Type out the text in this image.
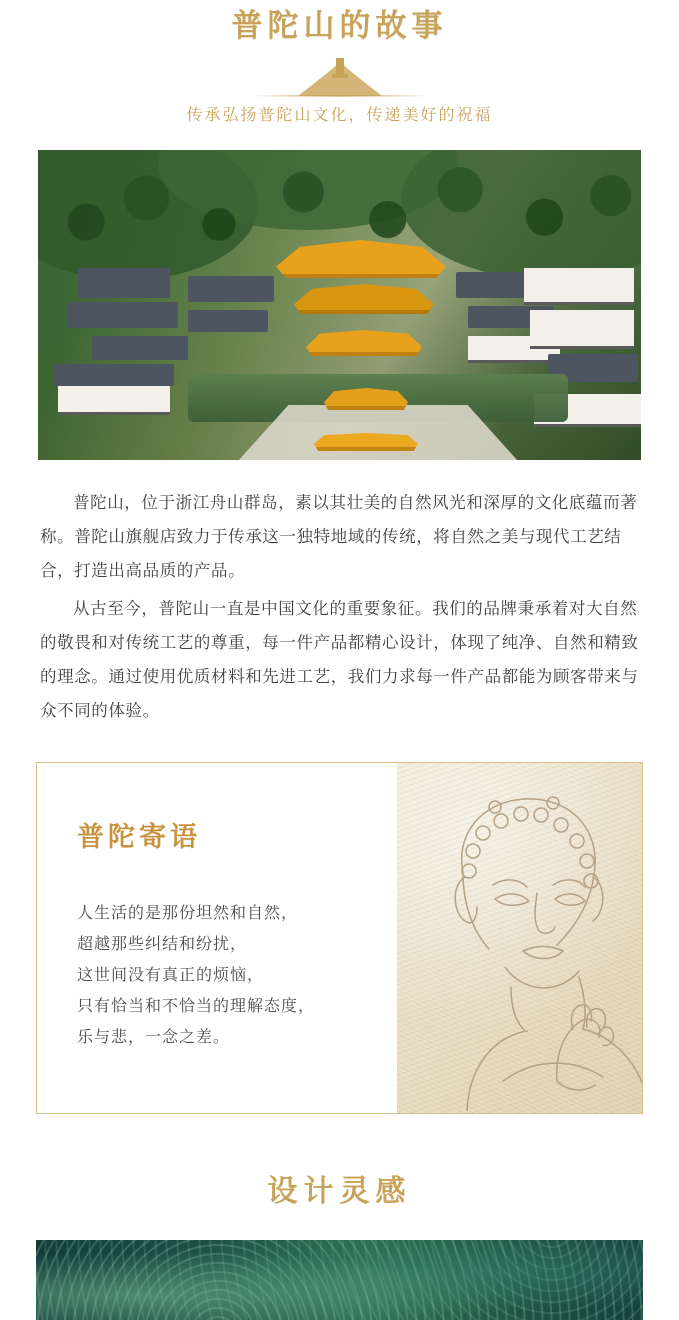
普陀山的故事

传承弘扬普陀山文化，传递美好的祝福

普陀山，位于浙江舟山群岛，素以其壮美的自然风光和深厚的文化底蕴而著称。普陀山旗舰店致力于传承这一独特地域的传统，将自然之美与现代工艺结合，打造出高品质的产品。

从古至今，普陀山一直是中国文化的重要象征。我们的品牌秉承着对大自然的敬畏和对传统工艺的尊重，每一件产品都精心设计，体现了纯净、自然和精致的理念。通过使用优质材料和先进工艺，我们力求每一件产品都能为顾客带来与众不同的体验。

普陀寄语
人生活的是那份坦然和自然，
超越那些纠结和纷扰，
这世间没有真正的烦恼，
只有恰当和不恰当的理解态度，
乐与悲，一念之差。
设计灵感
